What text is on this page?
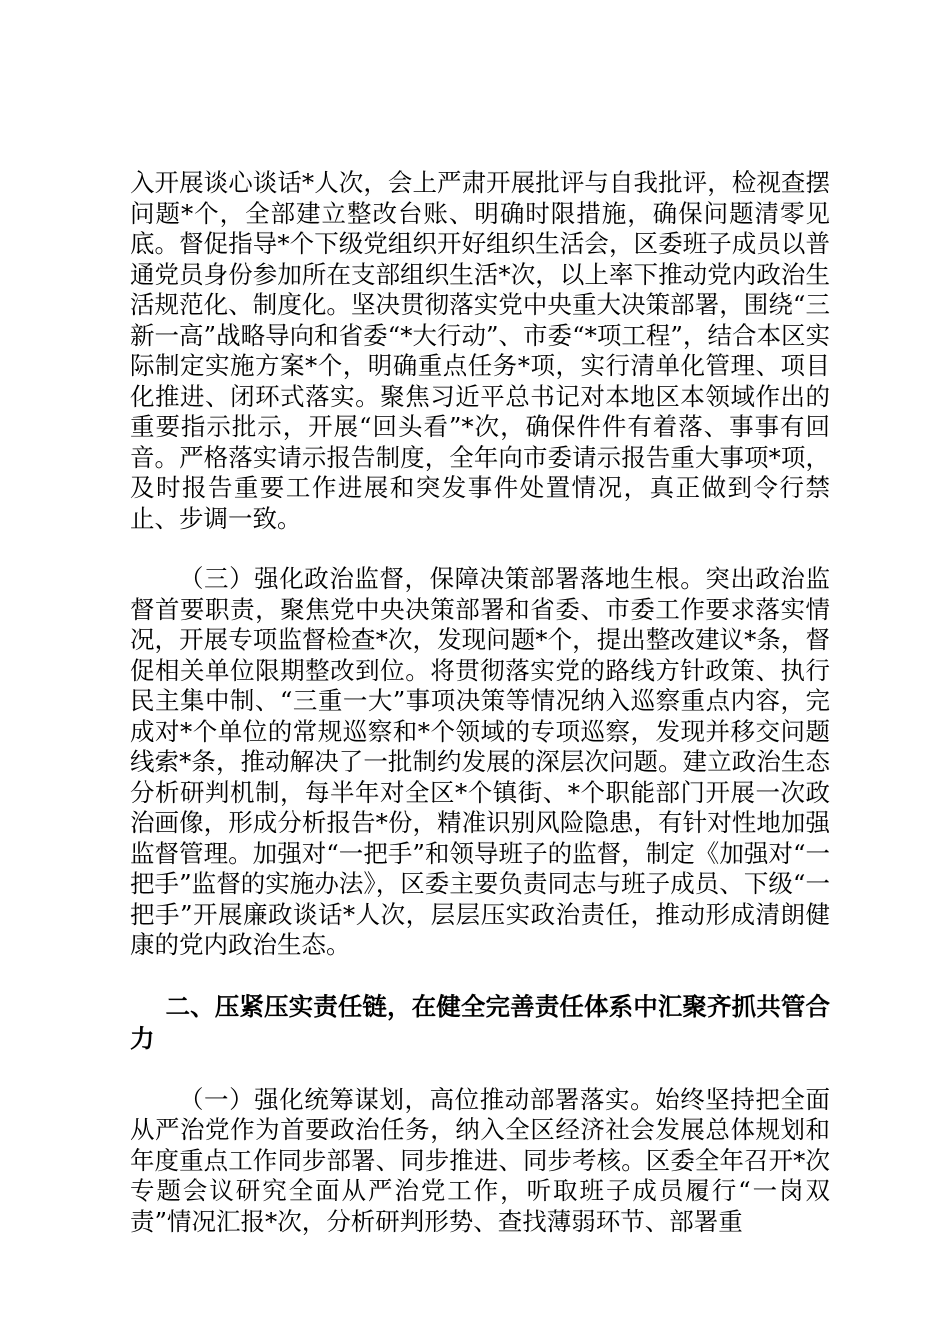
入开展谈心谈话*人次，会上严肃开展批评与自我批评，检视查摆问题*个，全部建立整改台账、明确时限措施，确保问题清零见底。督促指导*个下级党组织开好组织生活会，区委班子成员以普通党员身份参加所在支部组织生活*次，以上率下推动党内政治生活规范化、制度化。坚决贯彻落实党中央重大决策部署，围绕“三新一高”战略导向和省委“*大行动”、市委“*项工程”，结合本区实际制定实施方案*个，明确重点任务*项，实行清单化管理、项目化推进、闭环式落实。聚焦习近平总书记对本地区本领域作出的重要指示批示，开展“回头看”*次，确保件件有着落、事事有回音。严格落实请示报告制度，全年向市委请示报告重大事项*项，及时报告重要工作进展和突发事件处置情况，真正做到令行禁止、步调一致。

（三）强化政治监督，保障决策部署落地生根。突出政治监督首要职责，聚焦党中央决策部署和省委、市委工作要求落实情况，开展专项监督检查*次，发现问题*个，提出整改建议*条，督促相关单位限期整改到位。将贯彻落实党的路线方针政策、执行民主集中制、“三重一大”事项决策等情况纳入巡察重点内容，完成对*个单位的常规巡察和*个领域的专项巡察，发现并移交问题线索*条，推动解决了一批制约发展的深层次问题。建立政治生态分析研判机制，每半年对全区*个镇街、*个职能部门开展一次政治画像，形成分析报告*份，精准识别风险隐患，有针对性地加强监督管理。加强对“一把手”和领导班子的监督，制定《加强对“一把手”监督的实施办法》，区委主要负责同志与班子成员、下级“一把手”开展廉政谈话*人次，层层压实政治责任，推动形成清朗健康的党内政治生态。

二、压紧压实责任链，在健全完善责任体系中汇聚齐抓共管合力

（一）强化统筹谋划，高位推动部署落实。始终坚持把全面从严治党作为首要政治任务，纳入全区经济社会发展总体规划和年度重点工作同步部署、同步推进、同步考核。区委全年召开*次专题会议研究全面从严治党工作，听取班子成员履行“一岗双责”情况汇报*次，分析研判形势、查找薄弱环节、部署重
